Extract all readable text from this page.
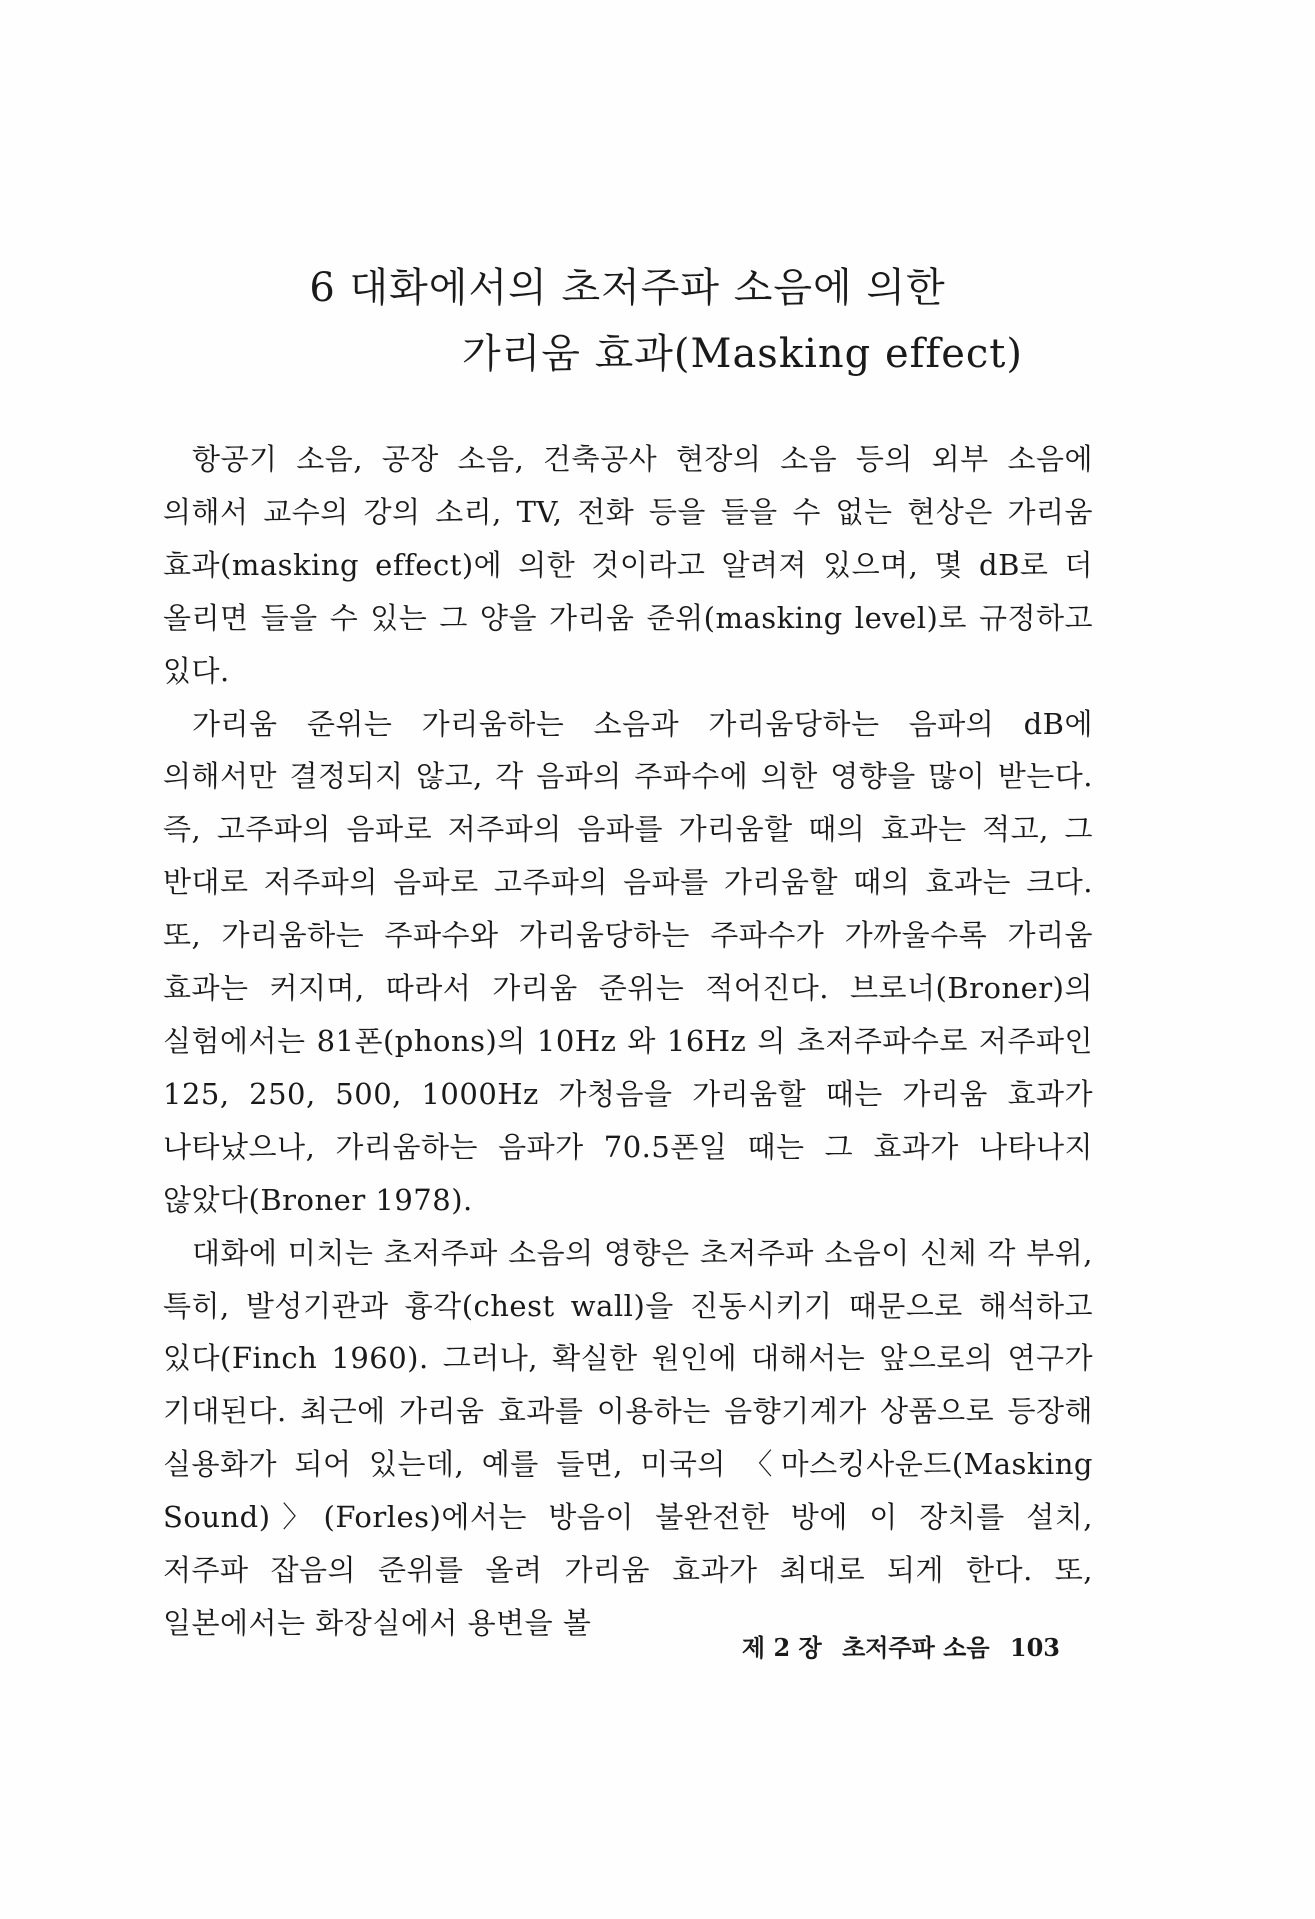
6 대화에서의 초저주파 소음에 의한
가리움 효과(Masking effect)

항공기 소음, 공장 소음, 건축공사 현장의 소음 등의 외부 소음에 의해서 교수의 강의 소리, TV, 전화 등을 들을 수 없는 현상은 가리움 효과(masking effect)에 의한 것이라고 알려져 있으며, 몇 dB로 더 올리면 들을 수 있는 그 양을 가리움 준위(masking level)로 규정하고 있다.

가리움 준위는 가리움하는 소음과 가리움당하는 음파의 dB에 의해서만 결정되지 않고, 각 음파의 주파수에 의한 영향을 많이 받는다. 즉, 고주파의 음파로 저주파의 음파를 가리움할 때의 효과는 적고, 그 반대로 저주파의 음파로 고주파의 음파를 가리움할 때의 효과는 크다. 또, 가리움하는 주파수와 가리움당하는 주파수가 가까울수록 가리움 효과는 커지며, 따라서 가리움 준위는 적어진다. 브로너(Broner)의 실험에서는 81폰(phons)의 10Hz 와 16Hz 의 초저주파수로 저주파인 125, 250, 500, 1000Hz 가청음을 가리움할 때는 가리움 효과가 나타났으나, 가리움하는 음파가 70.5폰일 때는 그 효과가 나타나지 않았다(Broner 1978).

대화에 미치는 초저주파 소음의 영향은 초저주파 소음이 신체 각 부위, 특히, 발성기관과 흉각(chest wall)을 진동시키기 때문으로 해석하고 있다(Finch 1960). 그러나, 확실한 원인에 대해서는 앞으로의 연구가 기대된다. 최근에 가리움 효과를 이용하는 음향기계가 상품으로 등장해 실용화가 되어 있는데, 예를 들면, 미국의 〈마스킹사운드(Masking Sound)〉(Forles)에서는 방음이 불완전한 방에 이 장치를 설치, 저주파 잡음의 준위를 올려 가리움 효과가 최대로 되게 한다. 또, 일본에서는 화장실에서 용변을 볼

제 2 장 초저주파 소음 103
